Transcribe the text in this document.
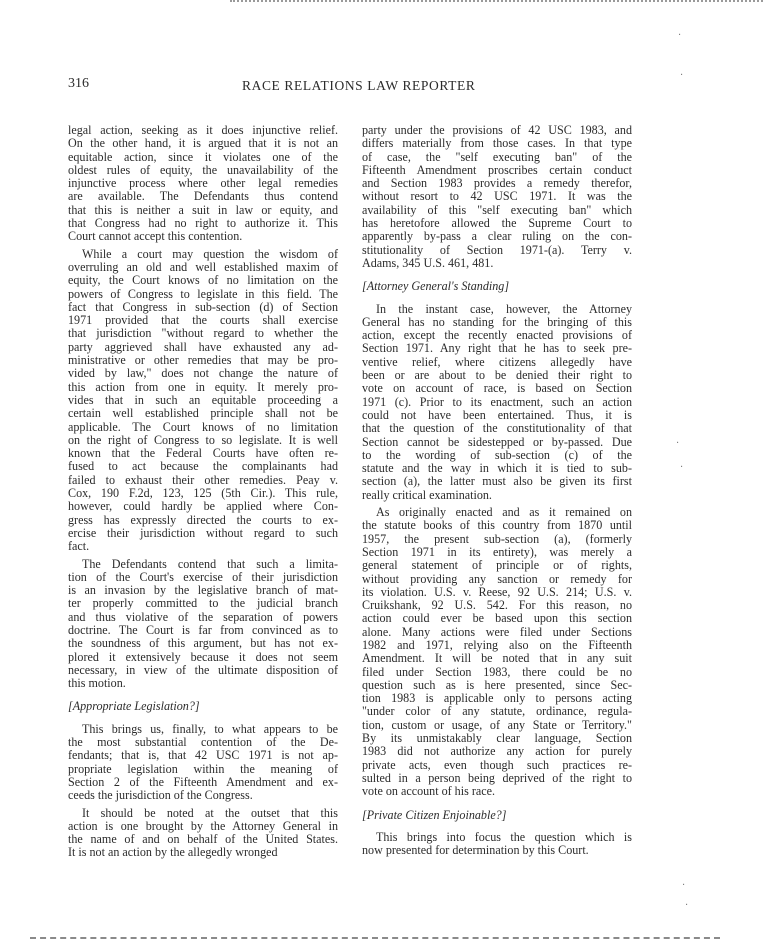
316	RACE RELATIONS LAW REPORTER
legal action, seeking as it does injunctive relief.
On the other hand, it is argued that it is not an
equitable action, since it violates one of the
oldest rules of equity, the unavailability of the
injunctive process where other legal remedies
are available. The Defendants thus contend
that this is neither a suit in law or equity, and
that Congress had no right to authorize it. This
Court cannot accept this contention.
While a court may question the wisdom of
overruling an old and well established maxim of
equity, the Court knows of no limitation on the
powers of Congress to legislate in this field. The
fact that Congress in sub-section (d) of Section
1971 provided that the courts shall exercise
that jurisdiction "without regard to whether the
party aggrieved shall have exhausted any ad-
ministrative or other remedies that may be pro-
vided by law," does not change the nature of
this action from one in equity. It merely pro-
vides that in such an equitable proceeding a
certain well established principle shall not be
applicable. The Court knows of no limitation
on the right of Congress to so legislate. It is well
known that the Federal Courts have often re-
fused to act because the complainants had
failed to exhaust their other remedies. Peay v.
Cox, 190 F.2d, 123, 125 (5th Cir.). This rule,
however, could hardly be applied where Con-
gress has expressly directed the courts to ex-
ercise their jurisdiction without regard to such
fact.
The Defendants contend that such a limita-
tion of the Court's exercise of their jurisdiction
is an invasion by the legislative branch of mat-
ter properly committed to the judicial branch
and thus violative of the separation of powers
doctrine. The Court is far from convinced as to
the soundness of this argument, but has not ex-
plored it extensively because it does not seem
necessary, in view of the ultimate disposition of
this motion.
[Appropriate Legislation?]
This brings us, finally, to what appears to be
the most substantial contention of the De-
fendants; that is, that 42 USC 1971 is not ap-
propriate legislation within the meaning of
Section 2 of the Fifteenth Amendment and ex-
ceeds the jurisdiction of the Congress.
It should be noted at the outset that this
action is one brought by the Attorney General in
the name of and on behalf of the United States.
It is not an action by the allegedly wronged
party under the provisions of 42 USC 1983, and
differs materially from those cases. In that type
of case, the "self executing ban" of the
Fifteenth Amendment proscribes certain conduct
and Section 1983 provides a remedy therefor,
without resort to 42 USC 1971. It was the
availability of this "self executing ban" which
has heretofore allowed the Supreme Court to
apparently by-pass a clear ruling on the con-
stitutionality of Section 1971-(a). Terry v.
Adams, 345 U.S. 461, 481.
[Attorney General's Standing]
In the instant case, however, the Attorney
General has no standing for the bringing of this
action, except the recently enacted provisions of
Section 1971. Any right that he has to seek pre-
ventive relief, where citizens allegedly have
been or are about to be denied their right to
vote on account of race, is based on Section
1971 (c). Prior to its enactment, such an action
could not have been entertained. Thus, it is
that the question of the constitutionality of that
Section cannot be sidestepped or by-passed. Due
to the wording of sub-section (c) of the
statute and the way in which it is tied to sub-
section (a), the latter must also be given its first
really critical examination.
As originally enacted and as it remained on
the statute books of this country from 1870 until
1957, the present sub-section (a), (formerly
Section 1971 in its entirety), was merely a
general statement of principle or of rights,
without providing any sanction or remedy for
its violation. U.S. v. Reese, 92 U.S. 214; U.S. v.
Cruikshank, 92 U.S. 542. For this reason, no
action could ever be based upon this section
alone. Many actions were filed under Sections
1982 and 1971, relying also on the Fifteenth
Amendment. It will be noted that in any suit
filed under Section 1983, there could be no
question such as is here presented, since Sec-
tion 1983 is applicable only to persons acting
"under color of any statute, ordinance, regula-
tion, custom or usage, of any State or Territory."
By its unmistakably clear language, Section
1983 did not authorize any action for purely
private acts, even though such practices re-
sulted in a person being deprived of the right to
vote on account of his race.
[Private Citizen Enjoinable?]
This brings into focus the question which is
now presented for determination by this Court.
·
·
·
·
·
·
